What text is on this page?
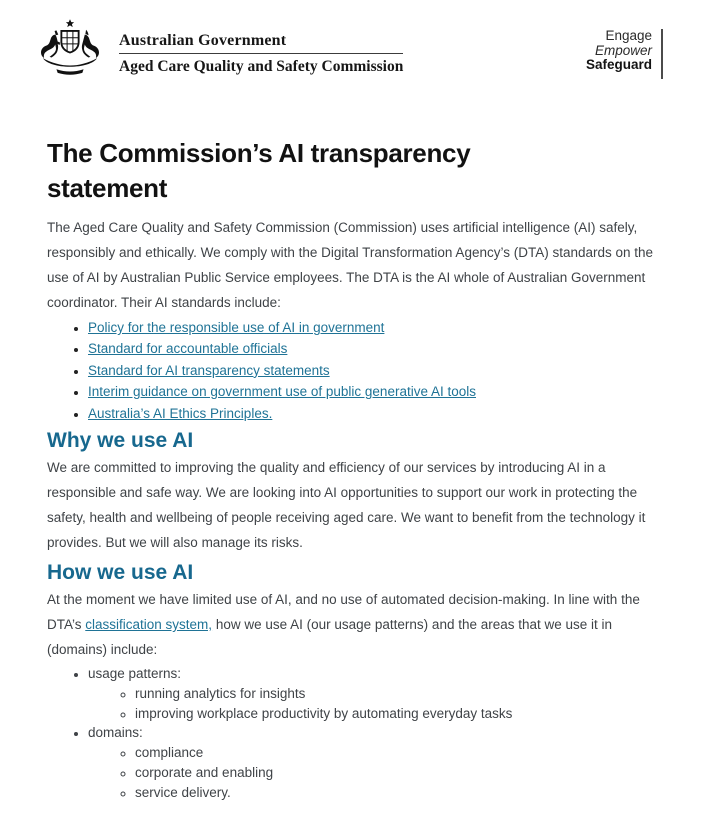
Australian Government
Aged Care Quality and Safety Commission
Engage
Empower
Safeguard
The Commission’s AI transparency statement

The Aged Care Quality and Safety Commission (Commission) uses artificial intelligence (AI) safely, responsibly and ethically. We comply with the Digital Transformation Agency’s (DTA) standards on the use of AI by Australian Public Service employees. The DTA is the AI whole of Australian Government coordinator. Their AI standards include:

• Policy for the responsible use of AI in government
• Standard for accountable officials
• Standard for AI transparency statements
• Interim guidance on government use of public generative AI tools
• Australia’s AI Ethics Principles.
Why we use AI

We are committed to improving the quality and efficiency of our services by introducing AI in a responsible and safe way. We are looking into AI opportunities to support our work in protecting the safety, health and wellbeing of people receiving aged care. We want to benefit from the technology it provides. But we will also manage its risks.

How we use AI

At the moment we have limited use of AI, and no use of automated decision-making. In line with the DTA’s classification system, how we use AI (our usage patterns) and the areas that we use it in (domains) include:

• usage patterns:
◦ running analytics for insights
◦ improving workplace productivity by automating everyday tasks
• domains:
◦ compliance
◦ corporate and enabling
◦ service delivery.
